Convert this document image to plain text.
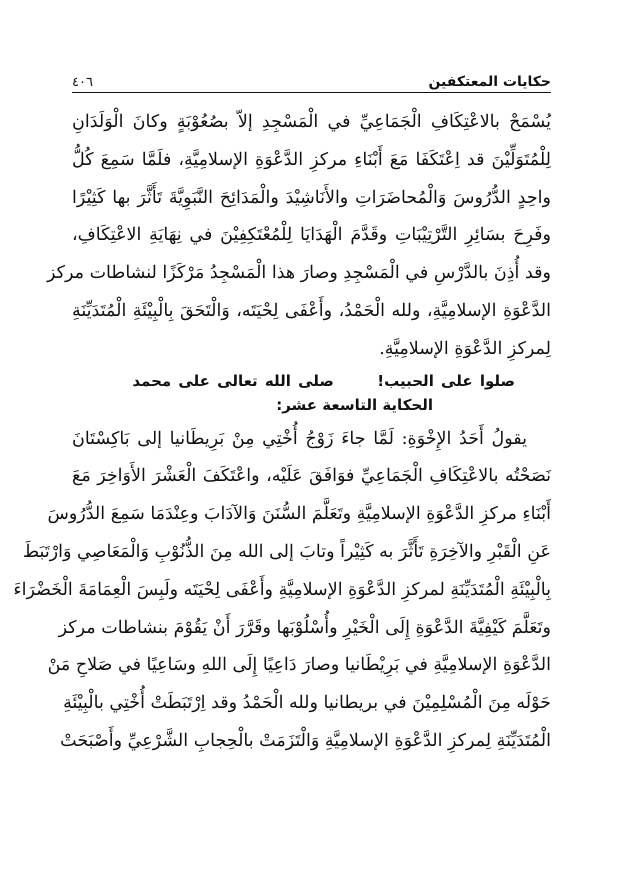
حكايات المعتكفين
٤٠٦
يُسْمَحْ بالاعْتِكَافِ الْجَمَاعِيِّ في الْمَسْجِدِ إلاّ بصُعُوْبَةٍ وكانَ الْوَلَدَانِ
لِلْمُتَوَلِّيْنَ قد اِعْتَكَفَا مَعَ أَبْنَاءِ مركزِ الدَّعْوَةِ الإسلامِيَّةِ، فلَمَّا سَمِعَ كُلُّ
واحِدٍ الدُّرُوسَ وَالْمُحاضَرَاتِ والأَنَاشِيْدَ والْمَدَائِحَ النَّبَوِيَّةَ تَأَثَّرَ بها كَثِيْرًا
وفَرِحَ بسَائِرِ التَّرْتِيْبَاتِ وقَدَّمَ الْهَدَايَا لِلْمُعْتَكِفِيْنَ في نِهَايَةِ الاعْتِكَافِ،
وقد أُذِنَ بالدَّرْسِ في الْمَسْجِدِ وصارَ هذا الْمَسْجِدُ مَرْكَزًا لنشاطات مركز
الدَّعْوَةِ الإسلامِيَّةِ، ولله الْحَمْدُ، وأَعْفَى لِحْيَتَه، وَالْتَحَقَ بِالْبِيْئَةِ الْمُتَدَيِّنَةِ
لِمركزِ الدَّعْوَةِ الإسلامِيَّةِ.
صلوا على الحبيب!      صلى الله تعالى على محمد
الحكاية التاسعة عشر:
يقولُ أَحَدُ الإِخْوَةِ: لَمَّا جاءَ زَوْجُ أُخْتِي مِنْ بَرِيطَانيا إلى بَاكِسْتَانَ
نَصَحْتُه بالاعْتِكَافِ الْجَمَاعِيِّ فوَافَقَ عَلَيْه، واعْتَكَفَ الْعَشْرَ الأَوَاخِرَ مَعَ
أَبْنَاءِ مركزِ الدَّعْوَةِ الإسلامِيَّةِ وتَعَلَّمَ السُّنَنَ وَالآدَابَ وعِنْدَمَا سَمِعَ الدُّرُوسَ
عَنِ الْقَبْرِ والآخِرَةِ تَأَثَّرَ به كَثِيْراً وتابَ إلى الله مِنَ الذُّنُوْبِ وَالْمَعَاصِي وَارْتَبَطَ
بِالْبِيْئَةِ الْمُتَدَيِّنَةِ لمركزِ الدَّعْوَةِ الإسلامِيَّةِ وأَعْفَى لِحْيَتَه ولَبِسَ الْعِمَامَةَ الْخَضْرَاءَ
وتَعَلَّمَ كَيْفِيَّةَ الدَّعْوَةِ إِلَى الْخَيْرِ وأُسْلُوْبَها وقَرَّرَ أَنْ يَقُوْمَ بنشاطات مركز
الدَّعْوَةِ الإسلامِيَّةِ في بَرِيْطَانيا وصارَ دَاعِيًا إِلَى اللهِ وسَاعِيًا في صَلاحِ مَنْ
حَوْلَه مِنَ الْمُسْلِمِيْنَ في بريطانيا ولله الْحَمْدُ وقد اِرْتَبَطَتْ أُخْتِي بالْبِيْئَةِ
الْمُتَدَيِّنَةِ لِمركزِ الدَّعْوَةِ الإسلامِيَّةِ وَالْتَزَمَتْ بالْحِجابِ الشَّرْعِيِّ وأَصْبَحَتْ
